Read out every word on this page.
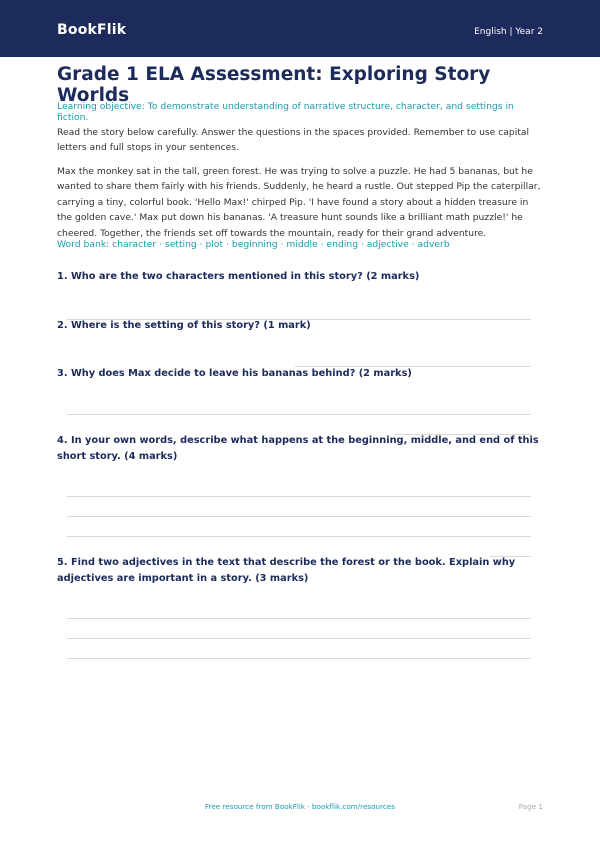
BookFlik	English | Year 2
Grade 1 ELA Assessment: Exploring Story Worlds
Learning objective: To demonstrate understanding of narrative structure, character, and settings in fiction.
Read the story below carefully. Answer the questions in the spaces provided. Remember to use capital letters and full stops in your sentences.
Max the monkey sat in the tall, green forest. He was trying to solve a puzzle. He had 5 bananas, but he wanted to share them fairly with his friends. Suddenly, he heard a rustle. Out stepped Pip the caterpillar, carrying a tiny, colorful book. 'Hello Max!' chirped Pip. 'I have found a story about a hidden treasure in the golden cave.' Max put down his bananas. 'A treasure hunt sounds like a brilliant math puzzle!' he cheered. Together, the friends set off towards the mountain, ready for their grand adventure.
Word bank: character · setting · plot · beginning · middle · ending · adjective · adverb
1. Who are the two characters mentioned in this story? (2 marks)
2. Where is the setting of this story? (1 mark)
3. Why does Max decide to leave his bananas behind? (2 marks)
4. In your own words, describe what happens at the beginning, middle, and end of this short story. (4 marks)
5. Find two adjectives in the text that describe the forest or the book. Explain why adjectives are important in a story. (3 marks)
Free resource from BookFlik · bookflik.com/resources	Page 1
